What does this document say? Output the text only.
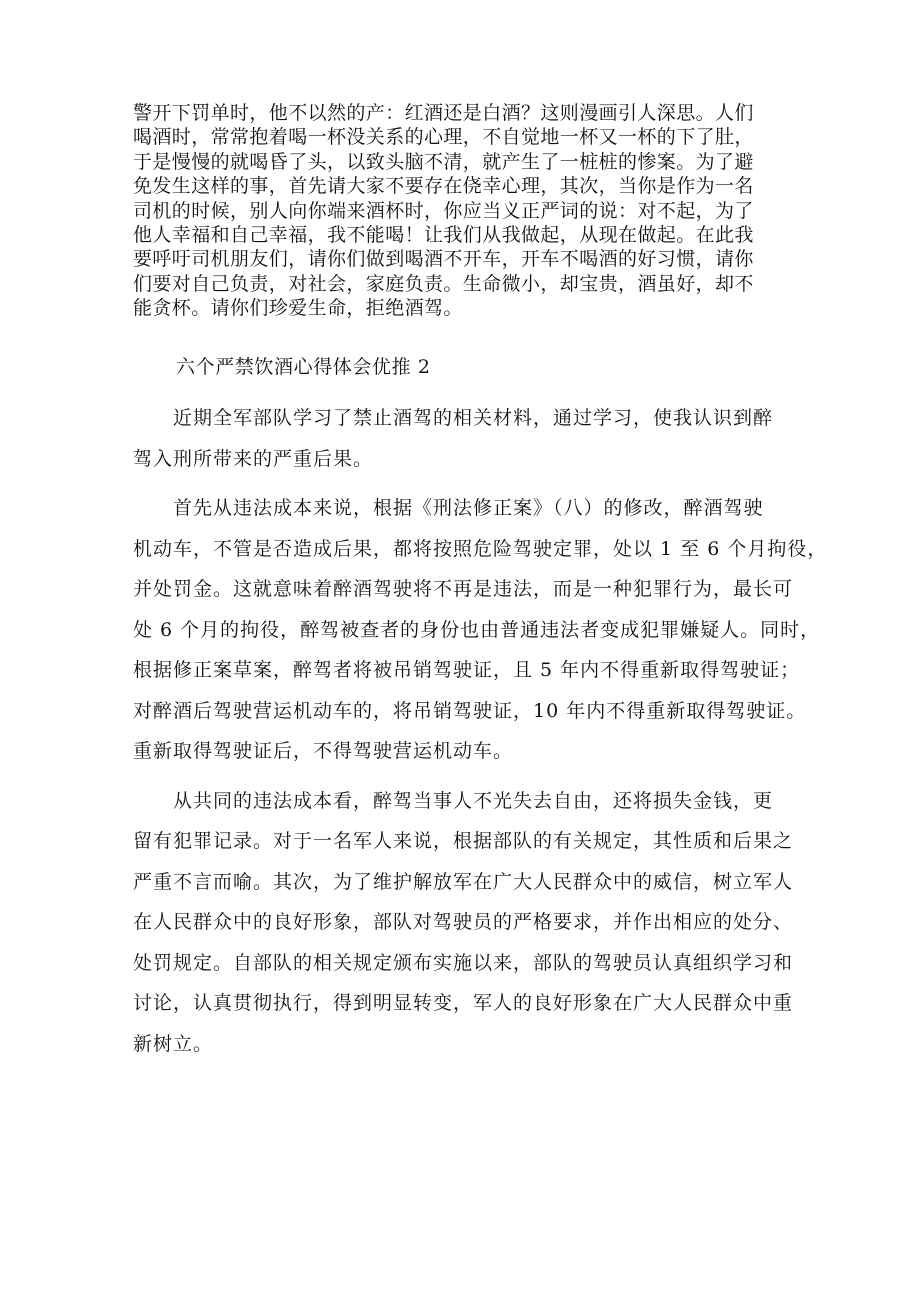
警开下罚单时，他不以然的产：红酒还是白酒？这则漫画引人深思。人们
喝酒时，常常抱着喝一杯没关系的心理，不自觉地一杯又一杯的下了肚，
于是慢慢的就喝昏了头，以致头脑不清，就产生了一桩桩的惨案。为了避
免发生这样的事，首先请大家不要存在侥幸心理，其次，当你是作为一名
司机的时候，别人向你端来酒杯时，你应当义正严词的说：对不起，为了
他人幸福和自己幸福，我不能喝！让我们从我做起，从现在做起。在此我
要呼吁司机朋友们，请你们做到喝酒不开车，开车不喝酒的好习惯，请你
们要对自己负责，对社会，家庭负责。生命微小，却宝贵，酒虽好，却不
能贪杯。请你们珍爱生命，拒绝酒驾。
六个严禁饮酒心得体会优推 2
　　近期全军部队学习了禁止酒驾的相关材料，通过学习，使我认识到醉
驾入刑所带来的严重后果。
　　首先从违法成本来说，根据《刑法修正案》（八）的修改，醉酒驾驶
机动车，不管是否造成后果，都将按照危险驾驶定罪，处以 1 至 6 个月拘役，
并处罚金。这就意味着醉酒驾驶将不再是违法，而是一种犯罪行为，最长可
处 6 个月的拘役，醉驾被查者的身份也由普通违法者变成犯罪嫌疑人。同时，
根据修正案草案，醉驾者将被吊销驾驶证，且 5 年内不得重新取得驾驶证；
对醉酒后驾驶营运机动车的，将吊销驾驶证，10 年内不得重新取得驾驶证。
重新取得驾驶证后，不得驾驶营运机动车。
　　从共同的违法成本看，醉驾当事人不光失去自由，还将损失金钱，更
留有犯罪记录。对于一名军人来说，根据部队的有关规定，其性质和后果之
严重不言而喻。其次，为了维护解放军在广大人民群众中的威信，树立军人
在人民群众中的良好形象，部队对驾驶员的严格要求，并作出相应的处分、
处罚规定。自部队的相关规定颁布实施以来，部队的驾驶员认真组织学习和
讨论，认真贯彻执行，得到明显转变，军人的良好形象在广大人民群众中重
新树立。
